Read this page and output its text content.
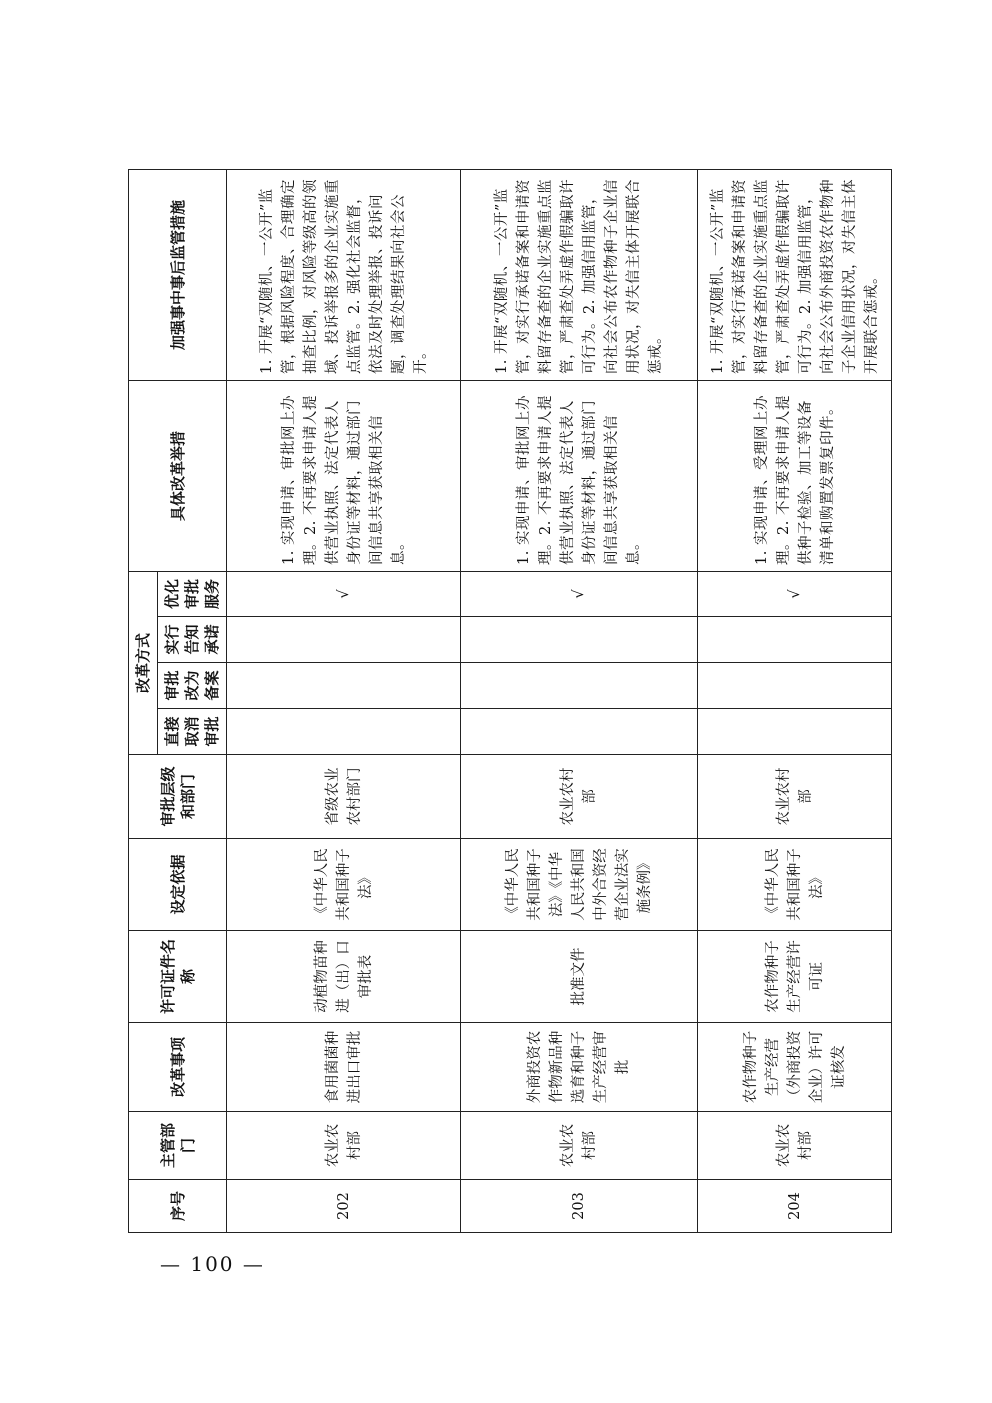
序号	主管部门	改革事项	许可证件名称	设定依据	审批层级和部门	改革方式				具体改革举措	加强事中事后监管措施
						直接取消审批	审批改为备案	实行告知承诺	优化审批服务		
202	农业农村部	食用菌菌种进出口审批	动植物苗种进（出）口审批表	《中华人民共和国种子法》	省级农业农村部门				√	1. 实现申请、审批网上办理。2. 不再要求申请人提供营业执照、法定代表人身份证等材料，通过部门间信息共享获取相关信息。	1. 开展“双随机、一公开”监管，根据风险程度、合理确定抽查比例，对风险等级高的领域、投诉举报多的企业实施重点监管。2. 强化社会监督，依法及时处理举报、投诉问题，调查处理结果向社会公开。
203	农业农村部	外商投资农作物新品种选育和种子生产经营审批	批准文件	《中华人民共和国种子法》《中华人民共和国中外合资经营企业法实施条例》	农业农村部				√	1. 实现申请、审批网上办理。2. 不再要求申请人提供营业执照、法定代表人身份证等材料，通过部门间信息共享获取相关信息。	1. 开展“双随机、一公开”监管，对实行承诺备案和申请资料留存备查的企业实施重点监管，严肃查处弄虚作假骗取许可行为。2. 加强信用监管，向社会公布农作物种子企业信用状况，对失信主体开展联合惩戒。
204	农业农村部	农作物种子生产经营（外商投资企业）许可证核发	农作物种子生产经营许可证	《中华人民共和国种子法》	农业农村部				√	1. 实现申请、受理网上办理。2. 不再要求申请人提供种子检验、加工等设备清单和购置发票复印件。	1. 开展“双随机、一公开”监管，对实行承诺备案和申请资料留存备查的企业实施重点监管，严肃查处弄虚作假骗取许可行为。2. 加强信用监管，向社会公布外商投资农作物种子企业信用状况，对失信主体开展联合惩戒。
— 100 —
